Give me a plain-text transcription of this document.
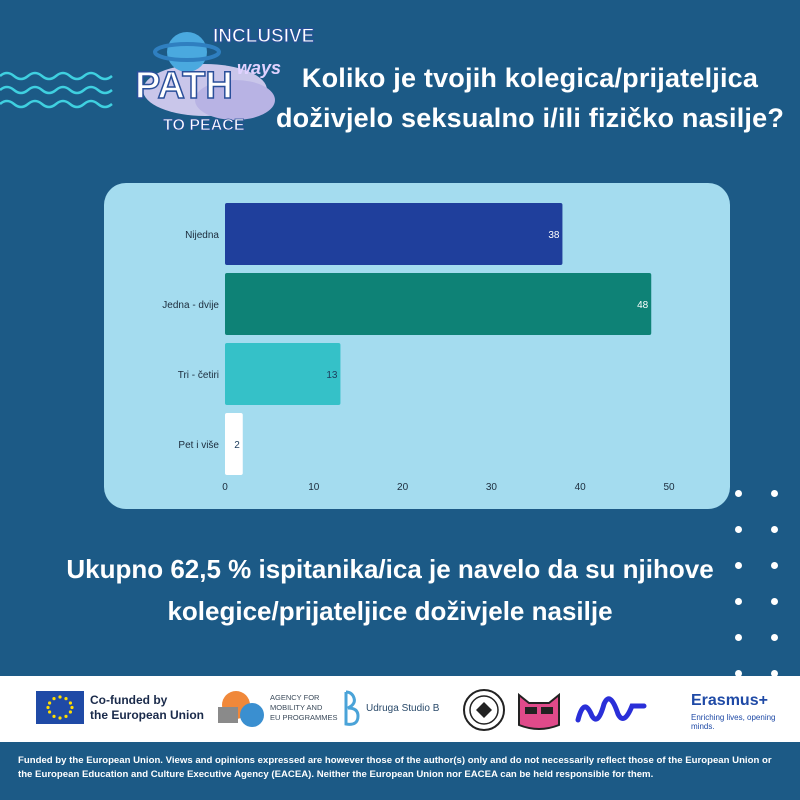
INCLUSIVE
PATH ways
TO PEACE
Koliko je tvojih kolegica/prijateljica
doživjelo seksualno i/ili fizičko nasilje?
Nijedna	38
Jedna - dvije	48
Tri - četiri	13
Pet i više 2
0	10	20	30	40	50
Ukupno 62,5 % ispitanika/ica je navelo da su njihove
kolegice/prijateljice doživjele nasilje
Co-funded by
the European Union
AGENCY FOR
MOBILITY AND
EU PROGRAMMES
Udruga Studio B	Erasmus+
Enriching lives, opening minds.

Funded by the European Union. Views and opinions expressed are however those of the author(s) only and do not necessarily reflect those of the European Union or the European Education and Culture Executive Agency (EACEA). Neither the European Union nor EACEA can be held responsible for them.
